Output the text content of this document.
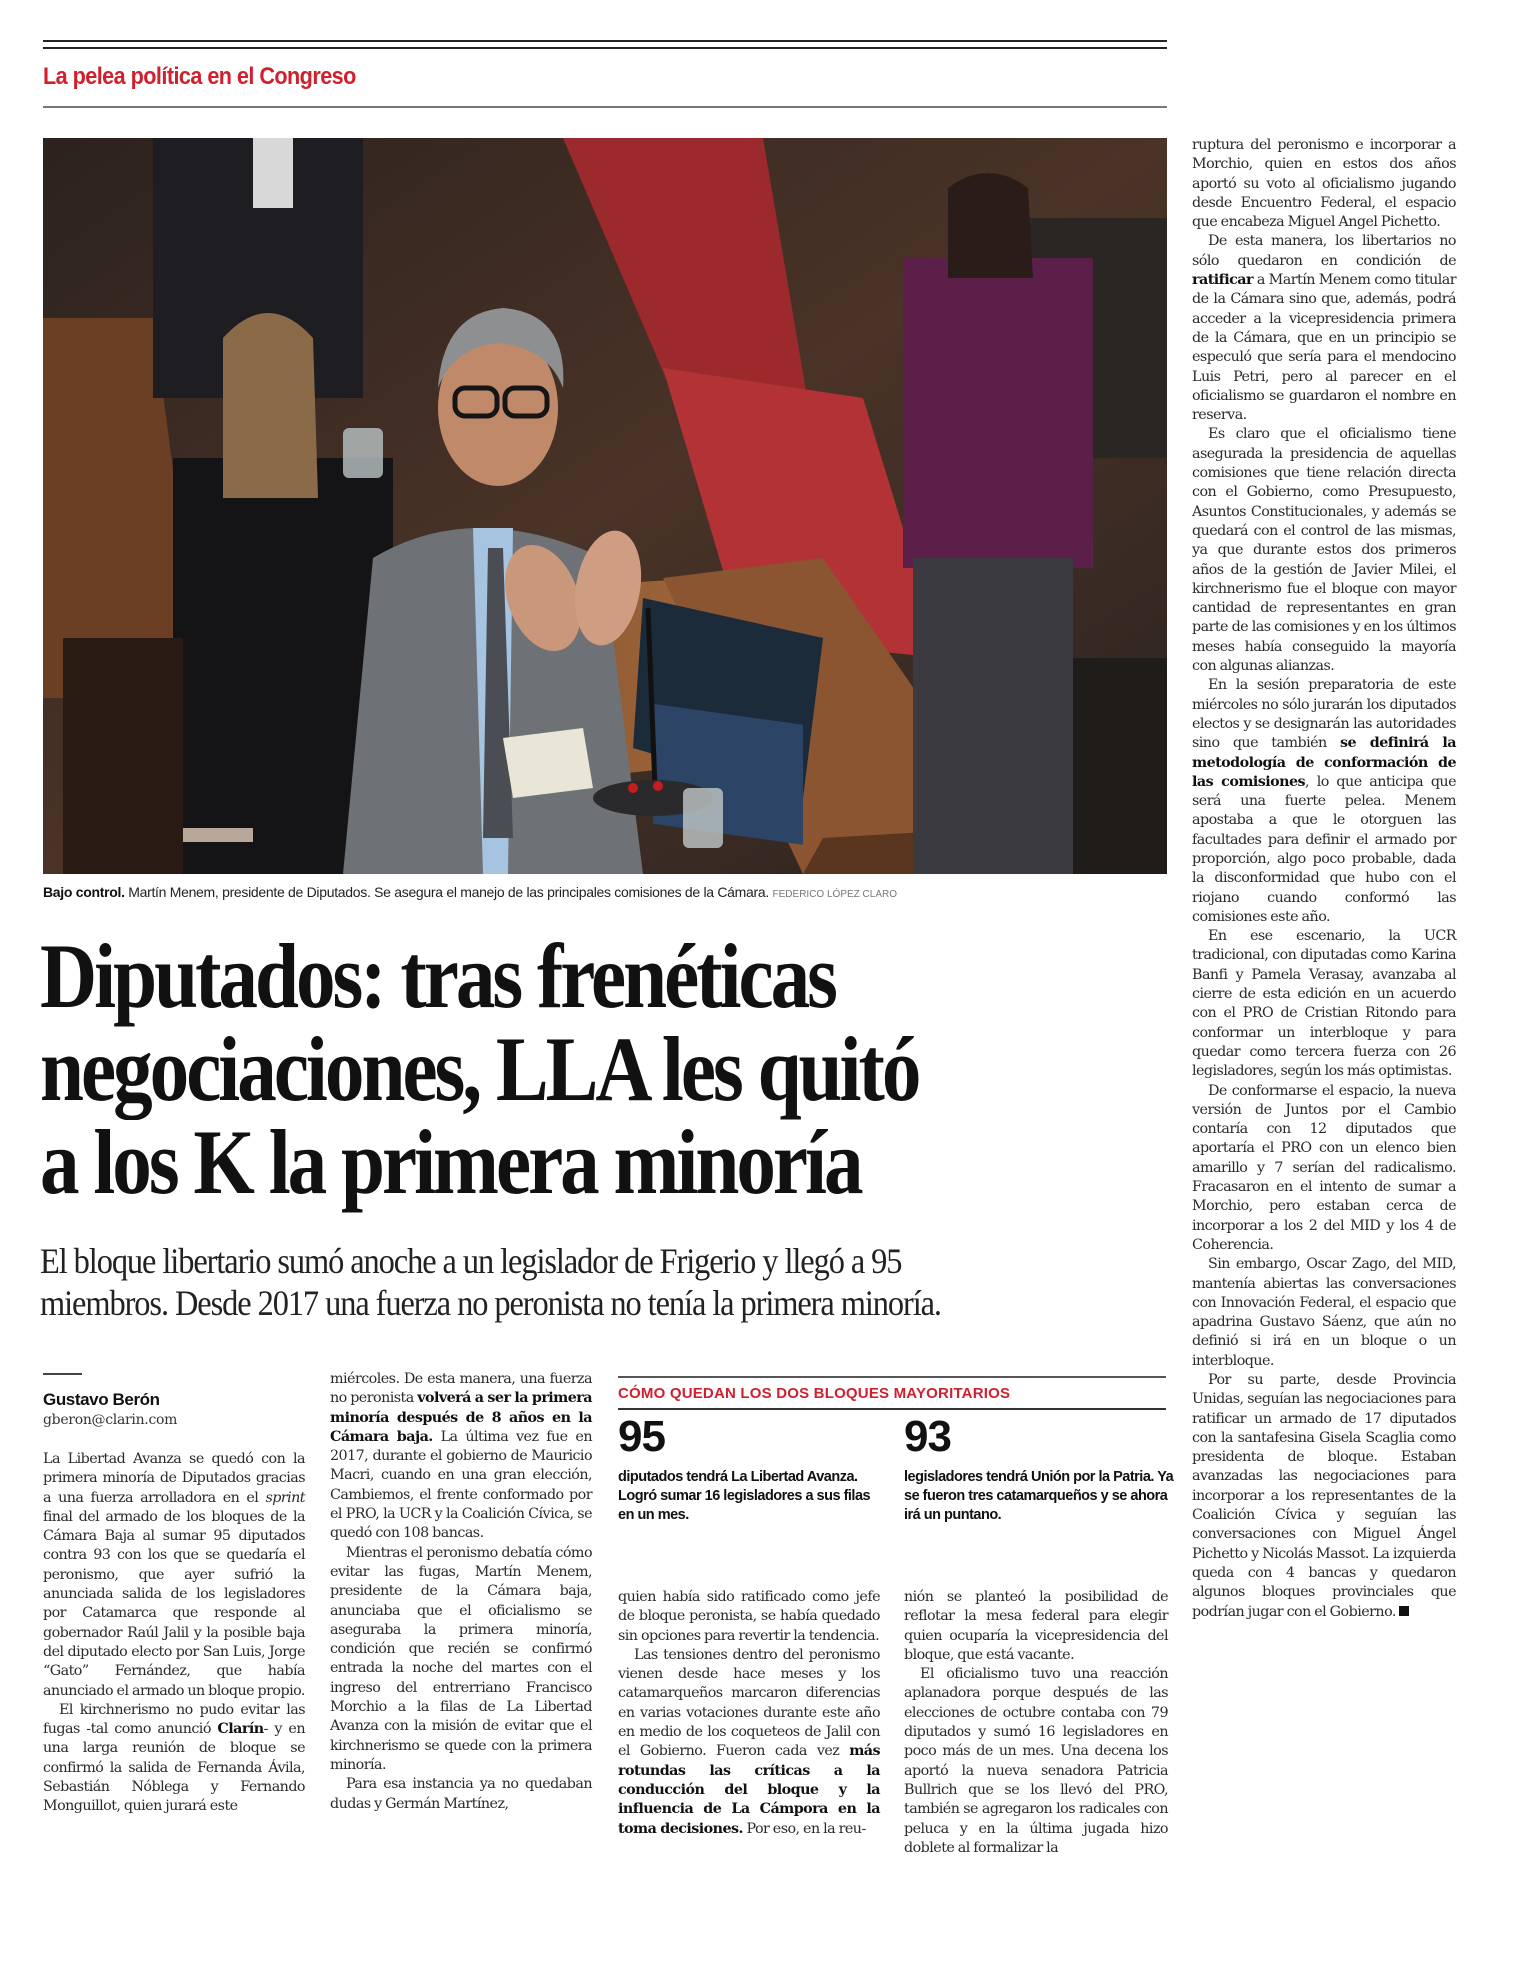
La pelea política en el Congreso
Bajo control. Martín Menem, presidente de Diputados. Se asegura el manejo de las principales comisiones de la Cámara. FEDERICO LÓPEZ CLARO
Diputados: tras frenéticas
negociaciones, LLA les quitó
a los K la primera minoría
El bloque libertario sumó anoche a un legislador de Frigerio y llegó a 95
miembros. Desde 2017 una fuerza no peronista no tenía la primera minoría.
Gustavo Berón
gberon@clarin.com

La Libertad Avanza se quedó con la primera minoría de Diputados gracias a una fuerza arrolladora en el sprint final del armado de los bloques de la Cámara Baja al sumar 95 diputados contra 93 con los que se quedaría el peronismo, que ayer sufrió la anunciada salida de los legisladores por Catamarca que responde al gobernador Raúl Jalil y la posible baja del diputado electo por San Luis, Jorge “Gato” Fernández, que había anunciado el armado un bloque propio.

El kirchnerismo no pudo evitar las fugas -tal como anunció Clarín- y en una larga reunión de bloque se confirmó la salida de Fernanda Ávila, Sebastián Nóblega y Fernando Monguillot, quien jurará este

miércoles. De esta manera, una fuerza no peronista volverá a ser la primera minoría después de 8 años en la Cámara baja. La última vez fue en 2017, durante el gobierno de Mauricio Macri, cuando en una gran elección, Cambiemos, el frente conformado por el PRO, la UCR y la Coalición Cívica, se quedó con 108 bancas.

Mientras el peronismo debatía cómo evitar las fugas, Martín Menem, presidente de la Cámara baja, anunciaba que el oficialismo se aseguraba la primera minoría, condición que recién se confirmó entrada la noche del martes con el ingreso del entrerriano Francisco Morchio a la filas de La Libertad Avanza con la misión de evitar que el kirchnerismo se quede con la primera minoría.

Para esa instancia ya no quedaban dudas y Germán Martínez,

CÓMO QUEDAN LOS DOS BLOQUES MAYORITARIOS
95
diputados tendrá La Libertad Avanza. Logró sumar 16 legisladores a sus filas en un mes.
93
legisladores tendrá Unión por la Patria. Ya se fueron tres catamarqueños y se ahora irá un puntano.

quien había sido ratificado como jefe de bloque peronista, se había quedado sin opciones para revertir la tendencia.

Las tensiones dentro del peronismo vienen desde hace meses y los catamarqueños marcaron diferencias en varias votaciones durante este año en medio de los coqueteos de Jalil con el Gobierno. Fueron cada vez más rotundas las críticas a la conducción del bloque y la influencia de La Cámpora en la toma decisiones. Por eso, en la reu-

nión se planteó la posibilidad de reflotar la mesa federal para elegir quien ocuparía la vicepresidencia del bloque, que está vacante.

El oficialismo tuvo una reacción aplanadora porque después de las elecciones de octubre contaba con 79 diputados y sumó 16 legisladores en poco más de un mes. Una decena los aportó la nueva senadora Patricia Bullrich que se los llevó del PRO, también se agregaron los radicales con peluca y en la última jugada hizo doblete al formalizar la

ruptura del peronismo e incorporar a Morchio, quien en estos dos años aportó su voto al oficialismo jugando desde Encuentro Federal, el espacio que encabeza Miguel Angel Pichetto.

De esta manera, los libertarios no sólo quedaron en condición de ratificar a Martín Menem como titular de la Cámara sino que, además, podrá acceder a la vicepresidencia primera de la Cámara, que en un principio se especuló que sería para el mendocino Luis Petri, pero al parecer en el oficialismo se guardaron el nombre en reserva.

Es claro que el oficialismo tiene asegurada la presidencia de aquellas comisiones que tiene relación directa con el Gobierno, como Presupuesto, Asuntos Constitucionales, y además se quedará con el control de las mismas, ya que durante estos dos primeros años de la gestión de Javier Milei, el kirchnerismo fue el bloque con mayor cantidad de representantes en gran parte de las comisiones y en los últimos meses había conseguido la mayoría con algunas alianzas.

En la sesión preparatoria de este miércoles no sólo jurarán los diputados electos y se designarán las autoridades sino que también se definirá la metodología de conformación de las comisiones, lo que anticipa que será una fuerte pelea. Menem apostaba a que le otorguen las facultades para definir el armado por proporción, algo poco probable, dada la disconformidad que hubo con el riojano cuando conformó las comisiones este año.

En ese escenario, la UCR tradicional, con diputadas como Karina Banfi y Pamela Verasay, avanzaba al cierre de esta edición en un acuerdo con el PRO de Cristian Ritondo para conformar un interbloque y para quedar como tercera fuerza con 26 legisladores, según los más optimistas.

De conformarse el espacio, la nueva versión de Juntos por el Cambio contaría con 12 diputados que aportaría el PRO con un elenco bien amarillo y 7 serían del radicalismo. Fracasaron en el intento de sumar a Morchio, pero estaban cerca de incorporar a los 2 del MID y los 4 de Coherencia.

Sin embargo, Oscar Zago, del MID, mantenía abiertas las conversaciones con Innovación Federal, el espacio que apadrina Gustavo Sáenz, que aún no definió si irá en un bloque o un interbloque.

Por su parte, desde Provincia Unidas, seguían las negociaciones para ratificar un armado de 17 diputados con la santafesina Gisela Scaglia como presidenta de bloque. Estaban avanzadas las negociaciones para incorporar a los representantes de la Coalición Cívica y seguían las conversaciones con Miguel Ángel Pichetto y Nicolás Massot. La izquierda queda con 4 bancas y quedaron algunos bloques provinciales que podrían jugar con el Gobierno.
